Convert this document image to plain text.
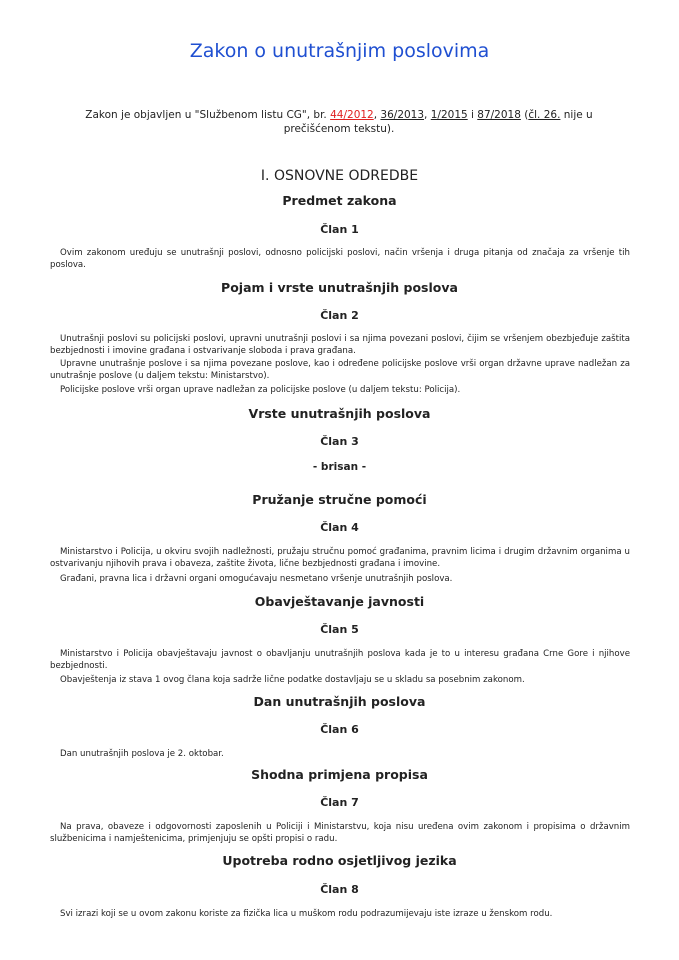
Zakon o unutrašnjim poslovima
Zakon je objavljen u "Službenom listu CG", br. 44/2012, 36/2013, 1/2015 i 87/2018 (čl. 26. nije u prečišćenom tekstu).
I. OSNOVNE ODREDBE
Predmet zakona
Član 1
Ovim zakonom uređuju se unutrašnji poslovi, odnosno policijski poslovi, način vršenja i druga pitanja od značaja za vršenje tih poslova.
Pojam i vrste unutrašnjih poslova
Član 2
Unutrašnji poslovi su policijski poslovi, upravni unutrašnji poslovi i sa njima povezani poslovi, čijim se vršenjem obezbjeđuje zaštita bezbjednosti i imovine građana i ostvarivanje sloboda i prava građana.
Upravne unutrašnje poslove i sa njima povezane poslove, kao i određene policijske poslove vrši organ državne uprave nadležan za unutrašnje poslove (u daljem tekstu: Ministarstvo).
Policijske poslove vrši organ uprave nadležan za policijske poslove (u daljem tekstu: Policija).
Vrste unutrašnjih poslova
Član 3
- brisan -
Pružanje stručne pomoći
Član 4
Ministarstvo i Policija, u okviru svojih nadležnosti, pružaju stručnu pomoć građanima, pravnim licima i drugim državnim organima u ostvarivanju njihovih prava i obaveza, zaštite života, lične bezbjednosti građana i imovine.
Građani, pravna lica i državni organi omogućavaju nesmetano vršenje unutrašnjih poslova.
Obavještavanje javnosti
Član 5
Ministarstvo i Policija obavještavaju javnost o obavljanju unutrašnjih poslova kada je to u interesu građana Crne Gore i njihove bezbjednosti.
Obavještenja iz stava 1 ovog člana koja sadrže lične podatke dostavljaju se u skladu sa posebnim zakonom.
Dan unutrašnjih poslova
Član 6
Dan unutrašnjih poslova je 2. oktobar.
Shodna primjena propisa
Član 7
Na prava, obaveze i odgovornosti zaposlenih u Policiji i Ministarstvu, koja nisu uređena ovim zakonom i propisima o državnim službenicima i namještenicima, primjenjuju se opšti propisi o radu.
Upotreba rodno osjetljivog jezika
Član 8
Svi izrazi koji se u ovom zakonu koriste za fizička lica u muškom rodu podrazumijevaju iste izraze u ženskom rodu.
